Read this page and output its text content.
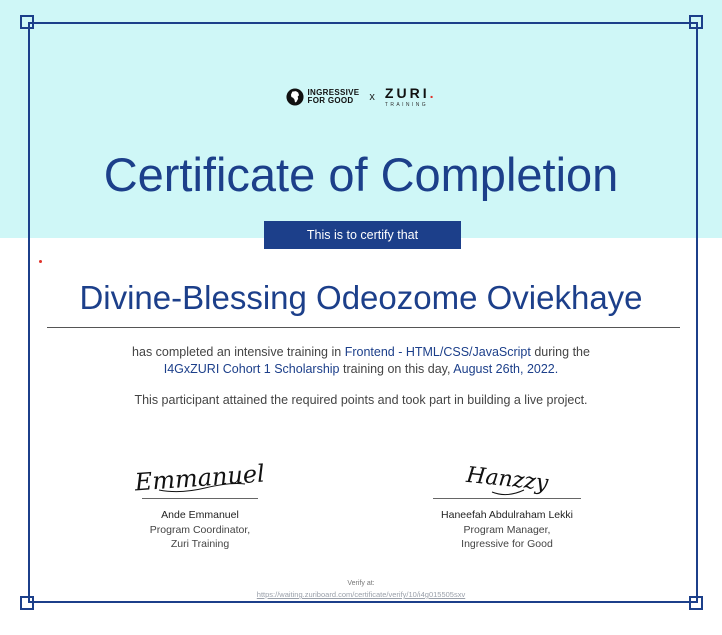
INGRESSIVE
FOR GOOD	x ZURI.
TRAINING
Certificate of Completion
This is to certify that
Divine-Blessing Odeozome Oviekhaye
has completed an intensive training in Frontend - HTML/CSS/JavaScript during the
I4GxZURI Cohort 1 Scholarship training on this day, August 26th, 2022.
This participant attained the required points and took part in building a live project.
Emmanuel
Ande Emmanuel
Program Coordinator,
Zuri Training
Hanzzy
Haneefah Abdulraham Lekki
Program Manager,
Ingressive for Good
Verify at:
https://waiting.zuriboard.com/certificate/verify/10/i4g015505sxv
